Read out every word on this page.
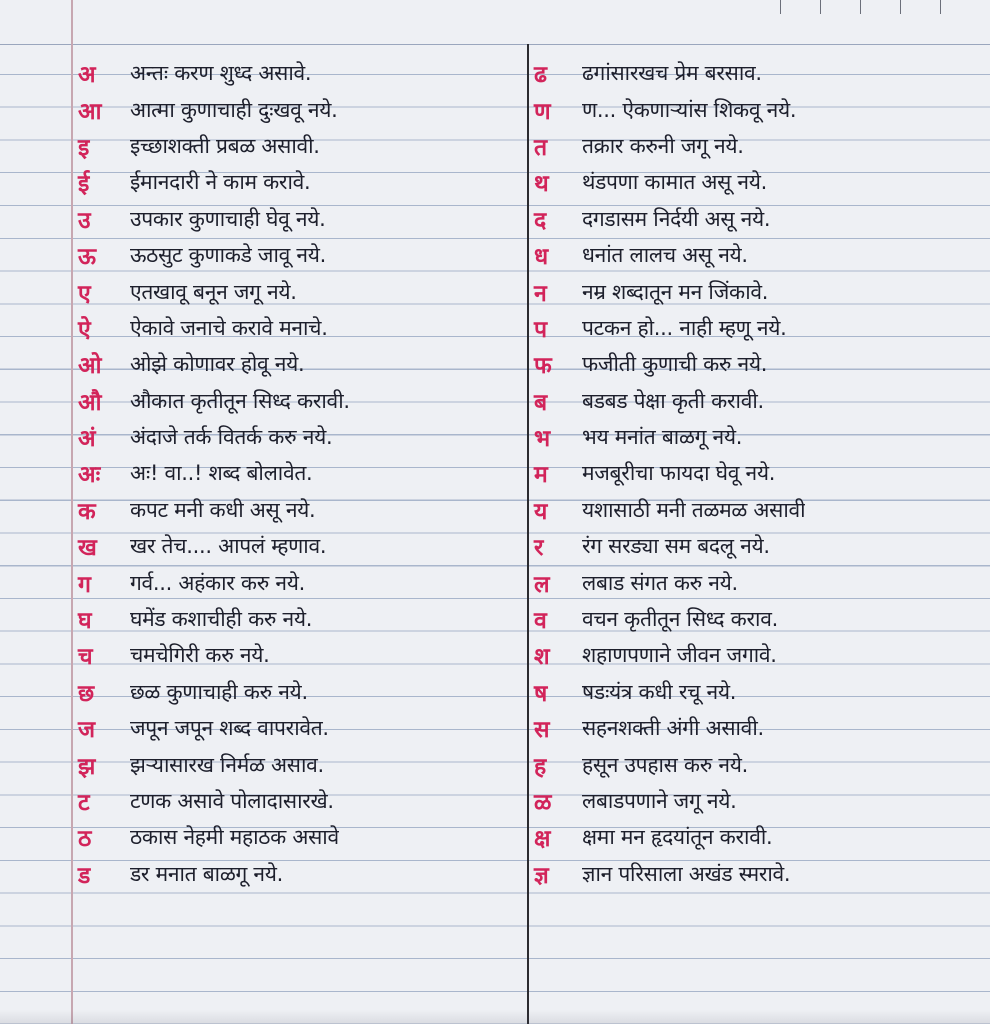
अ	अन्तः करण शुध्द असावे.
आ	आत्मा कुणाचाही दुःखवू नये.
इ	इच्छाशक्ती प्रबळ असावी.
ई	ईमानदारी ने काम करावे.
उ	उपकार कुणाचाही घेवू नये.
ऊ	ऊठसुट कुणाकडे जावू नये.
ए	एतखावू बनून जगू नये.
ऐ	ऐकावे जनाचे करावे मनाचे.
ओ	ओझे कोणावर होवू नये.
औ	औकात कृतीतून सिध्द करावी.
अं	अंदाजे तर्क वितर्क करु नये.
अः	अः! वा..! शब्द बोलावेत.
क	कपट मनी कधी असू नये.
ख	खर तेच.... आपलं म्हणाव.
ग	गर्व... अहंकार करु नये.
घ	घमेंड कशाचीही करु नये.
च	चमचेगिरी करु नये.
छ	छळ कुणाचाही करु नये.
ज	जपून जपून शब्द वापरावेत.
झ	झऱ्यासारख निर्मळ असाव.
ट	टणक असावे पोलादासारखे.
ठ	ठकास नेहमी महाठक असावे
ड	डर मनात बाळगू नये.
ढ	ढगांसारखच प्रेम बरसाव.
ण	ण... ऐकणाऱ्यांस शिकवू नये.
त	तक्रार करुनी जगू नये.
थ	थंडपणा कामात असू नये.
द	दगडासम निर्दयी असू नये.
ध	धनांत लालच असू नये.
न	नम्र शब्दातून मन जिंकावे.
प	पटकन हो... नाही म्हणू नये.
फ	फजीती कुणाची करु नये.
ब	बडबड पेक्षा कृती करावी.
भ	भय मनांत बाळगू नये.
म	मजबूरीचा फायदा घेवू नये.
य	यशासाठी मनी तळमळ असावी
र	रंग सरड्या सम बदलू नये.
ल	लबाड संगत करु नये.
व	वचन कृतीतून सिध्द कराव.
श	शहाणपणाने जीवन जगावे.
ष	षडःयंत्र कधी रचू नये.
स	सहनशक्ती अंगी असावी.
ह	हसून उपहास करु नये.
ळ	लबाडपणाने जगू नये.
क्ष	क्षमा मन हृदयांतून करावी.
ज्ञ	ज्ञान परिसाला अखंड स्मरावे.
